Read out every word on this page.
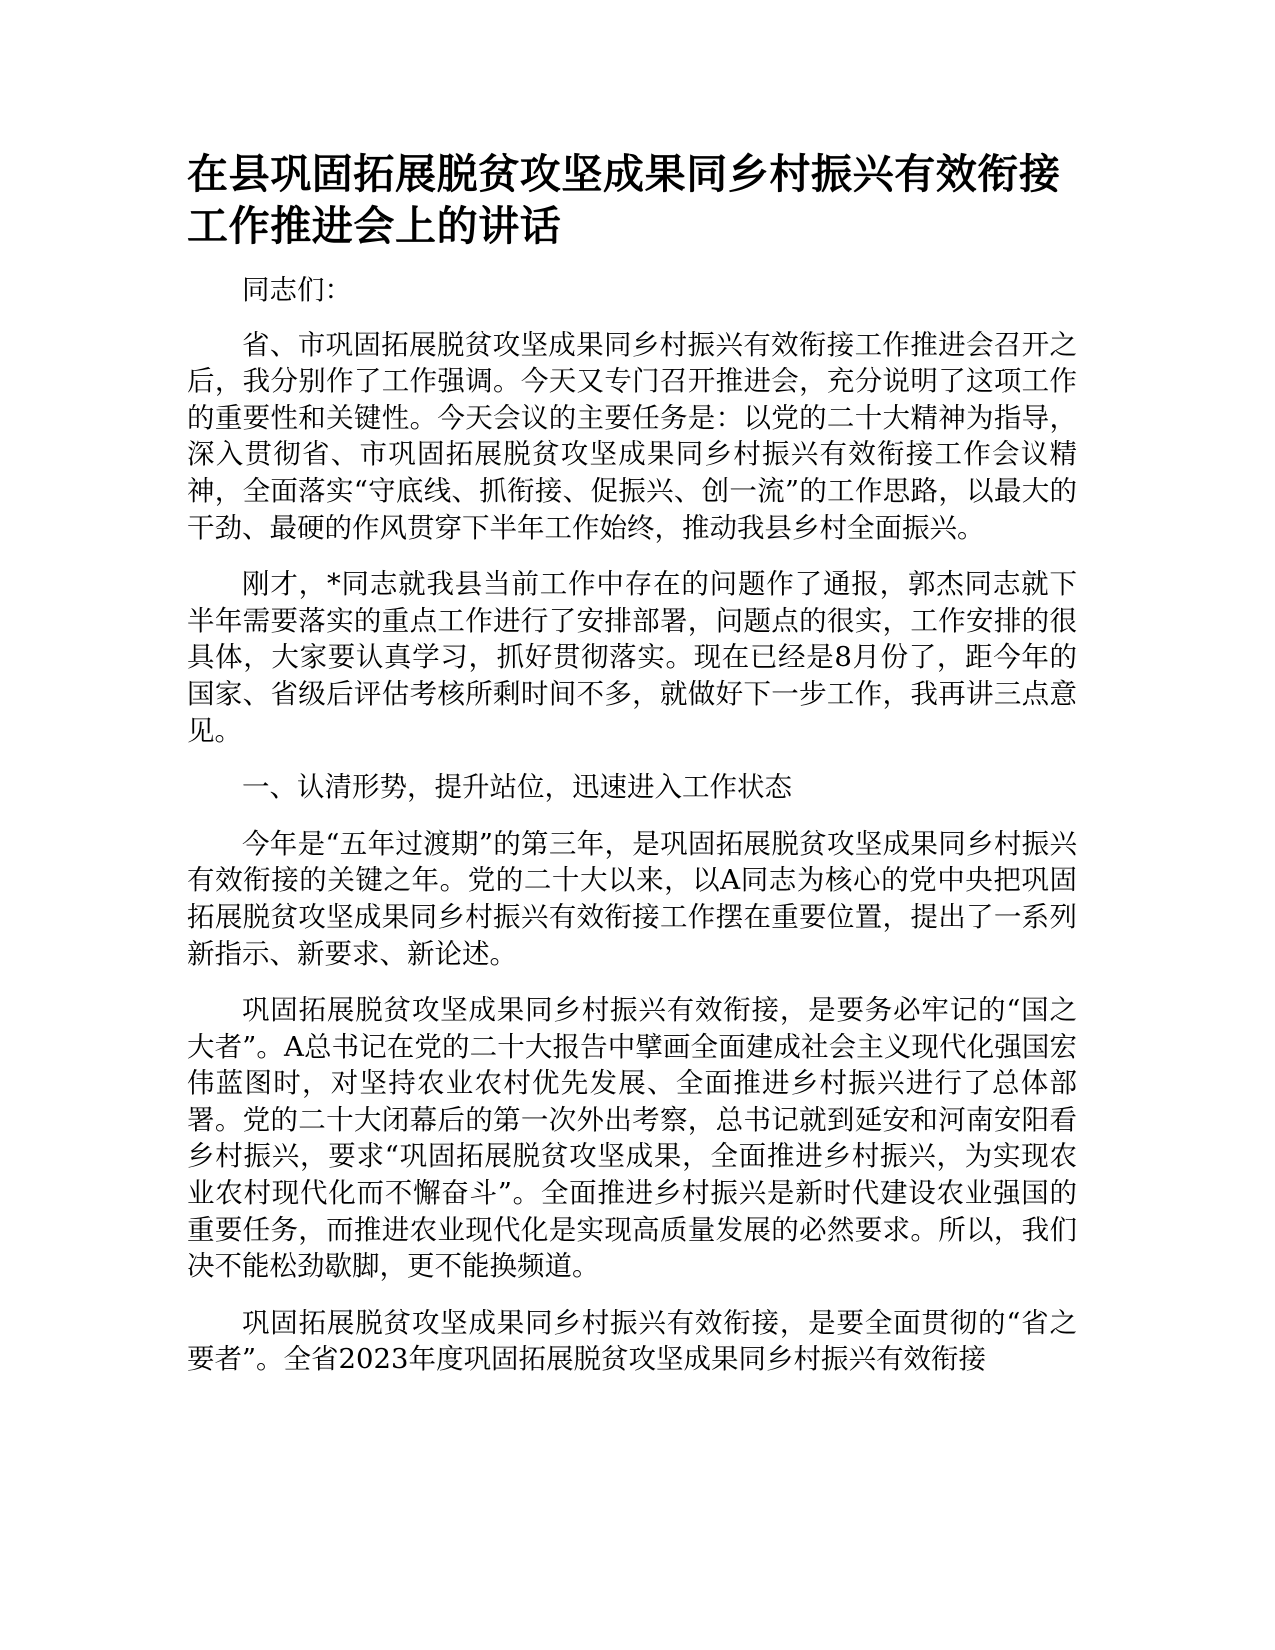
在县巩固拓展脱贫攻坚成果同乡村振兴有效衔接
工作推进会上的讲话

同志们：

省、市巩固拓展脱贫攻坚成果同乡村振兴有效衔接工作推进会召开之后，我分别作了工作强调。今天又专门召开推进会，充分说明了这项工作的重要性和关键性。今天会议的主要任务是：以党的二十大精神为指导，深入贯彻省、市巩固拓展脱贫攻坚成果同乡村振兴有效衔接工作会议精神，全面落实“守底线、抓衔接、促振兴、创一流”的工作思路，以最大的干劲、最硬的作风贯穿下半年工作始终，推动我县乡村全面振兴。

刚才，*同志就我县当前工作中存在的问题作了通报，郭杰同志就下半年需要落实的重点工作进行了安排部署，问题点的很实，工作安排的很具体，大家要认真学习，抓好贯彻落实。现在已经是8月份了，距今年的国家、省级后评估考核所剩时间不多，就做好下一步工作，我再讲三点意见。

一、认清形势，提升站位，迅速进入工作状态

今年是“五年过渡期”的第三年，是巩固拓展脱贫攻坚成果同乡村振兴有效衔接的关键之年。党的二十大以来，以A同志为核心的党中央把巩固拓展脱贫攻坚成果同乡村振兴有效衔接工作摆在重要位置，提出了一系列新指示、新要求、新论述。

巩固拓展脱贫攻坚成果同乡村振兴有效衔接，是要务必牢记的“国之大者”。A总书记在党的二十大报告中擘画全面建成社会主义现代化强国宏伟蓝图时，对坚持农业农村优先发展、全面推进乡村振兴进行了总体部署。党的二十大闭幕后的第一次外出考察，总书记就到延安和河南安阳看乡村振兴，要求“巩固拓展脱贫攻坚成果，全面推进乡村振兴，为实现农业农村现代化而不懈奋斗”。全面推进乡村振兴是新时代建设农业强国的重要任务，而推进农业现代化是实现高质量发展的必然要求。所以，我们决不能松劲歇脚，更不能换频道。

巩固拓展脱贫攻坚成果同乡村振兴有效衔接，是要全面贯彻的“省之要者”。全省2023年度巩固拓展脱贫攻坚成果同乡村振兴有效衔接
